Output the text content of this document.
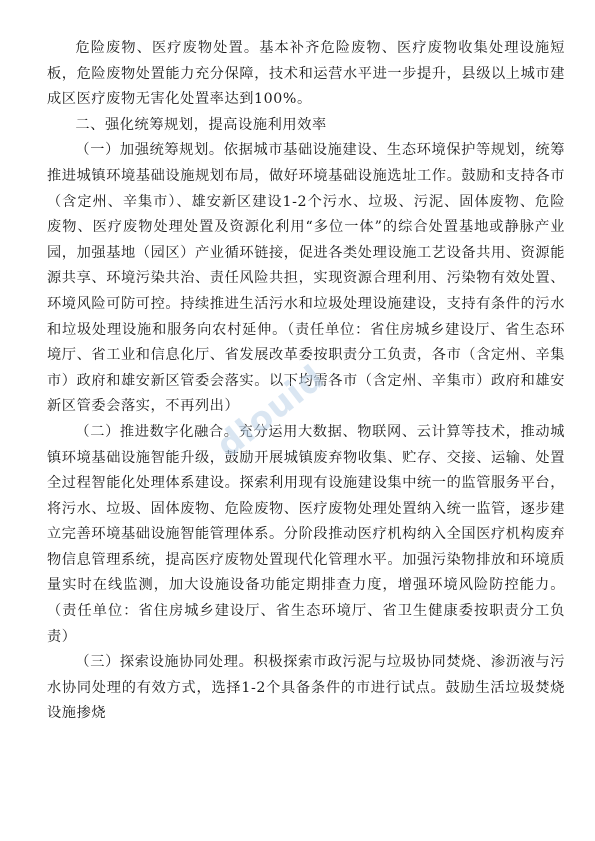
危险废物、医疗废物处置。基本补齐危险废物、医疗废物收集处理设施短板，危险废物处置能力充分保障，技术和运营水平进一步提升，县级以上城市建成区医疗废物无害化处置率达到100%。

二、强化统筹规划，提高设施利用效率

（一）加强统筹规划。依据城市基础设施建设、生态环境保护等规划，统筹推进城镇环境基础设施规划布局，做好环境基础设施选址工作。鼓励和支持各市（含定州、辛集市）、雄安新区建设1-2个污水、垃圾、污泥、固体废物、危险废物、医疗废物处理处置及资源化利用“多位一体”的综合处置基地或静脉产业园，加强基地（园区）产业循环链接，促进各类处理设施工艺设备共用、资源能源共享、环境污染共治、责任风险共担，实现资源合理利用、污染物有效处置、环境风险可防可控。持续推进生活污水和垃圾处理设施建设，支持有条件的污水和垃圾处理设施和服务向农村延伸。（责任单位：省住房城乡建设厅、省生态环境厅、省工业和信息化厅、省发展改革委按职责分工负责，各市（含定州、辛集市）政府和雄安新区管委会落实。以下均需各市（含定州、辛集市）政府和雄安新区管委会落实，不再列出）

（二）推进数字化融合。充分运用大数据、物联网、云计算等技术，推动城镇环境基础设施智能升级，鼓励开展城镇废弃物收集、贮存、交接、运输、处置全过程智能化处理体系建设。探索利用现有设施建设集中统一的监管服务平台，将污水、垃圾、固体废物、危险废物、医疗废物处理处置纳入统一监管，逐步建立完善环境基础设施智能管理体系。分阶段推动医疗机构纳入全国医疗机构废弃物信息管理系统，提高医疗废物处置现代化管理水平。加强污染物排放和环境质量实时在线监测，加大设施设备功能定期排查力度，增强环境风险防控能力。（责任单位：省住房城乡建设厅、省生态环境厅、省卫生健康委按职责分工负责）

（三）探索设施协同处理。积极探索市政污泥与垃圾协同焚烧、渗沥液与污水协同处理的有效方式，选择1-2个具备条件的市进行试点。鼓励生活垃圾焚烧设施掺烧

dlouid
